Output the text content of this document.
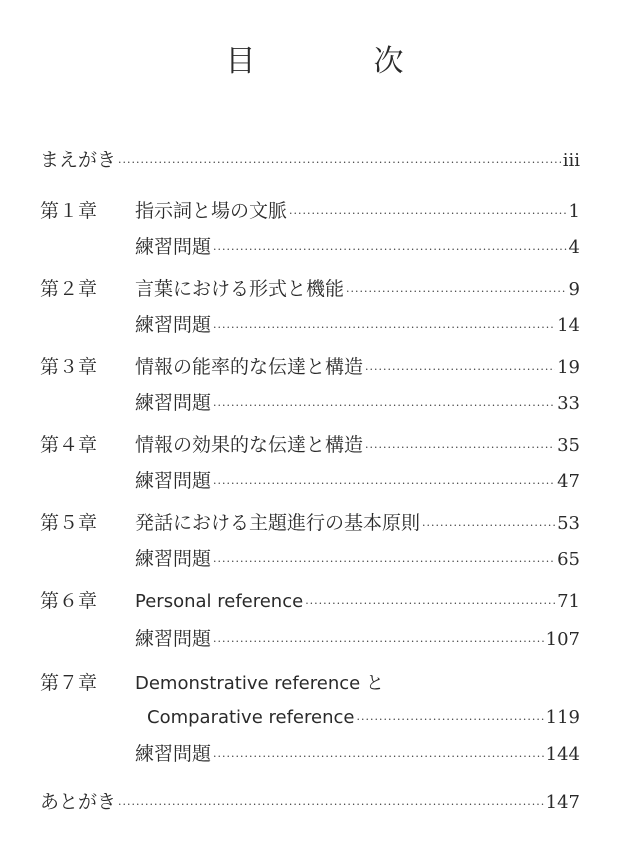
目　次
まえがき ·····	iii
第１章	指示詞と場の文脈 ·····	1
練習問題 ·····	4
第２章	言葉における形式と機能 ·····	9
練習問題 ·····	14
第３章	情報の能率的な伝達と構造 ·····	19
練習問題 ·····	33
第４章	情報の効果的な伝達と構造 ·····	35
練習問題 ·····	47
第５章	発話における主題進行の基本原則 ·····	53
練習問題 ·····	65
第６章	Personal reference ·····	71
練習問題 ·····	107
第７章	Demonstrative reference と
Comparative reference ·····	119
練習問題 ·····	144
あとがき ·····	147
